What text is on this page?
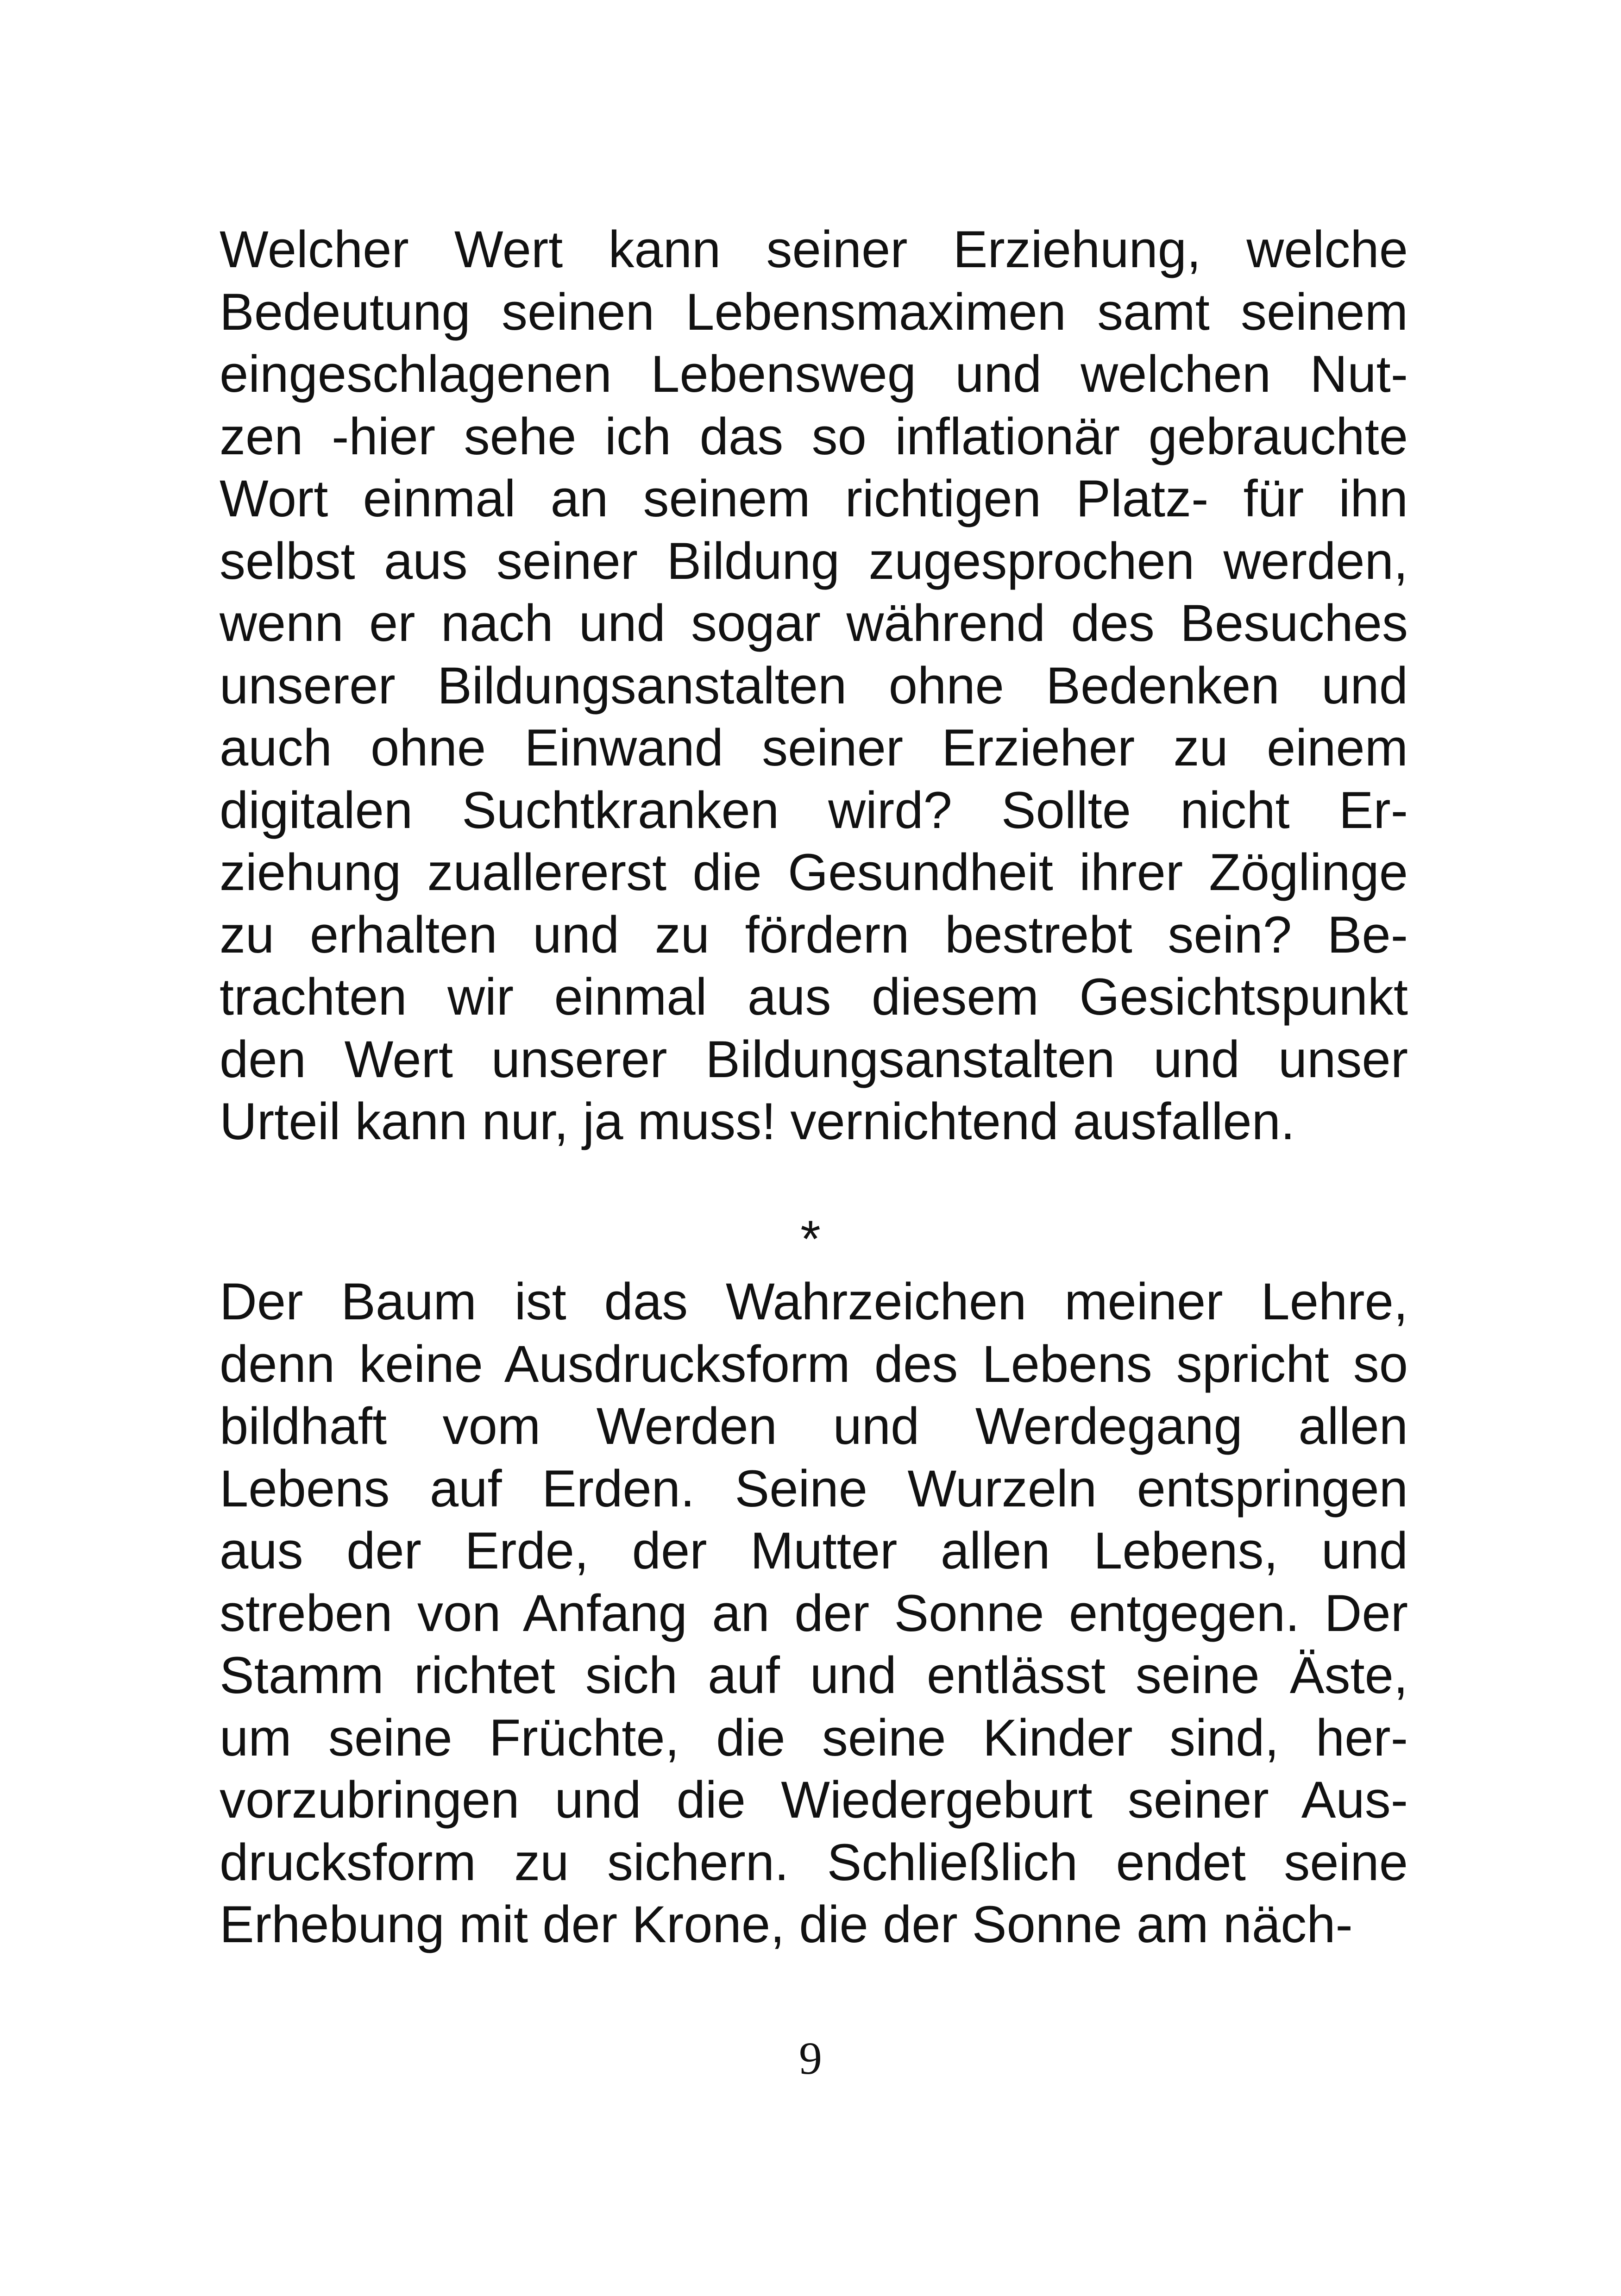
Welcher Wert kann seiner Erziehung, welche
Bedeutung seinen Lebensmaximen samt seinem
eingeschlagenen Lebensweg und welchen Nut-
zen -hier sehe ich das so inflationär gebrauchte
Wort einmal an seinem richtigen Platz- für ihn
selbst aus seiner Bildung zugesprochen werden,
wenn er nach und sogar während des Besuches
unserer Bildungsanstalten ohne Bedenken und
auch ohne Einwand seiner Erzieher zu einem
digitalen Suchtkranken wird? Sollte nicht Er-
ziehung zuallererst die Gesundheit ihrer Zöglinge
zu erhalten und zu fördern bestrebt sein? Be-
trachten wir einmal aus diesem Gesichtspunkt
den Wert unserer Bildungsanstalten und unser
Urteil kann nur, ja muss! vernichtend ausfallen.
*
Der Baum ist das Wahrzeichen meiner Lehre,
denn keine Ausdrucksform des Lebens spricht so
bildhaft vom Werden und Werdegang allen
Lebens auf Erden. Seine Wurzeln entspringen
aus der Erde, der Mutter allen Lebens, und
streben von Anfang an der Sonne entgegen. Der
Stamm richtet sich auf und entlässt seine Äste,
um seine Früchte, die seine Kinder sind, her-
vorzubringen und die Wiedergeburt seiner Aus-
drucksform zu sichern. Schließlich endet seine
Erhebung mit der Krone, die der Sonne am näch-
9
